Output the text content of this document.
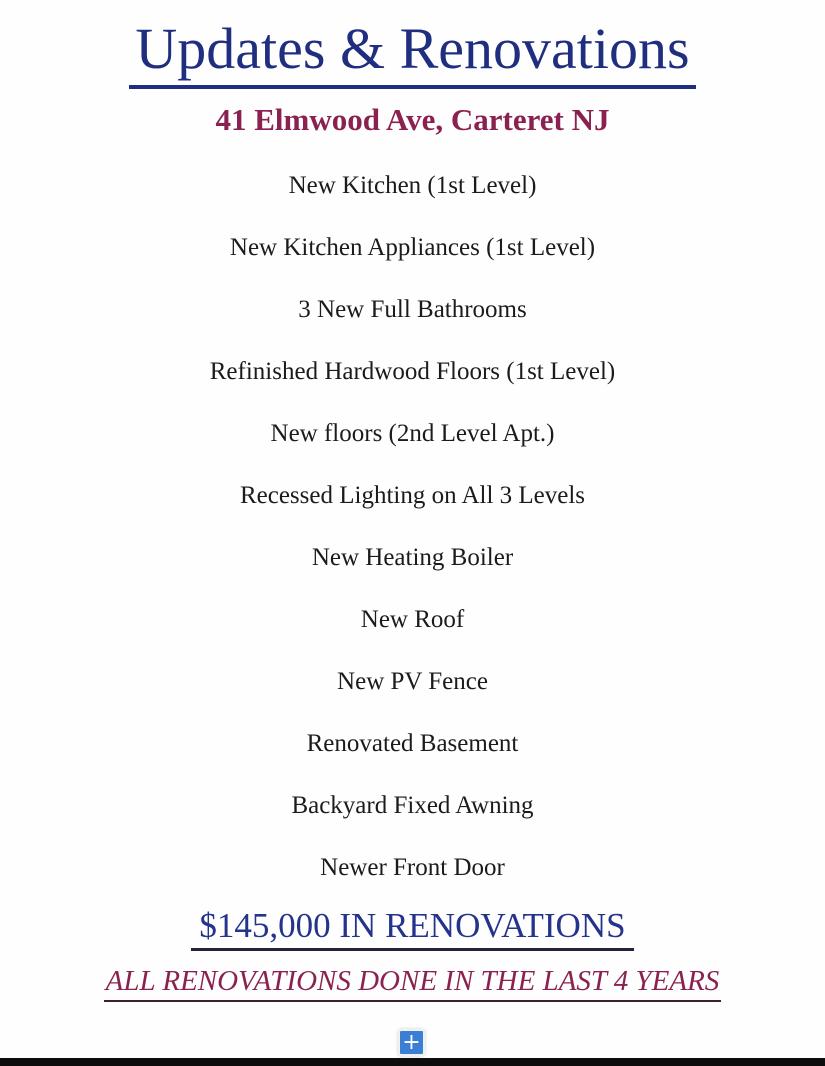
Updates & Renovations
41 Elmwood Ave, Carteret NJ
New Kitchen (1st Level)
New Kitchen Appliances (1st Level)
3 New Full Bathrooms
Refinished Hardwood Floors (1st Level)
New floors (2nd Level Apt.)
Recessed Lighting on All 3 Levels
New Heating Boiler
New Roof
New PV Fence
Renovated Basement
Backyard Fixed Awning
Newer Front Door
$145,000 IN RENOVATIONS
ALL RENOVATIONS DONE IN THE LAST 4 YEARS
+
